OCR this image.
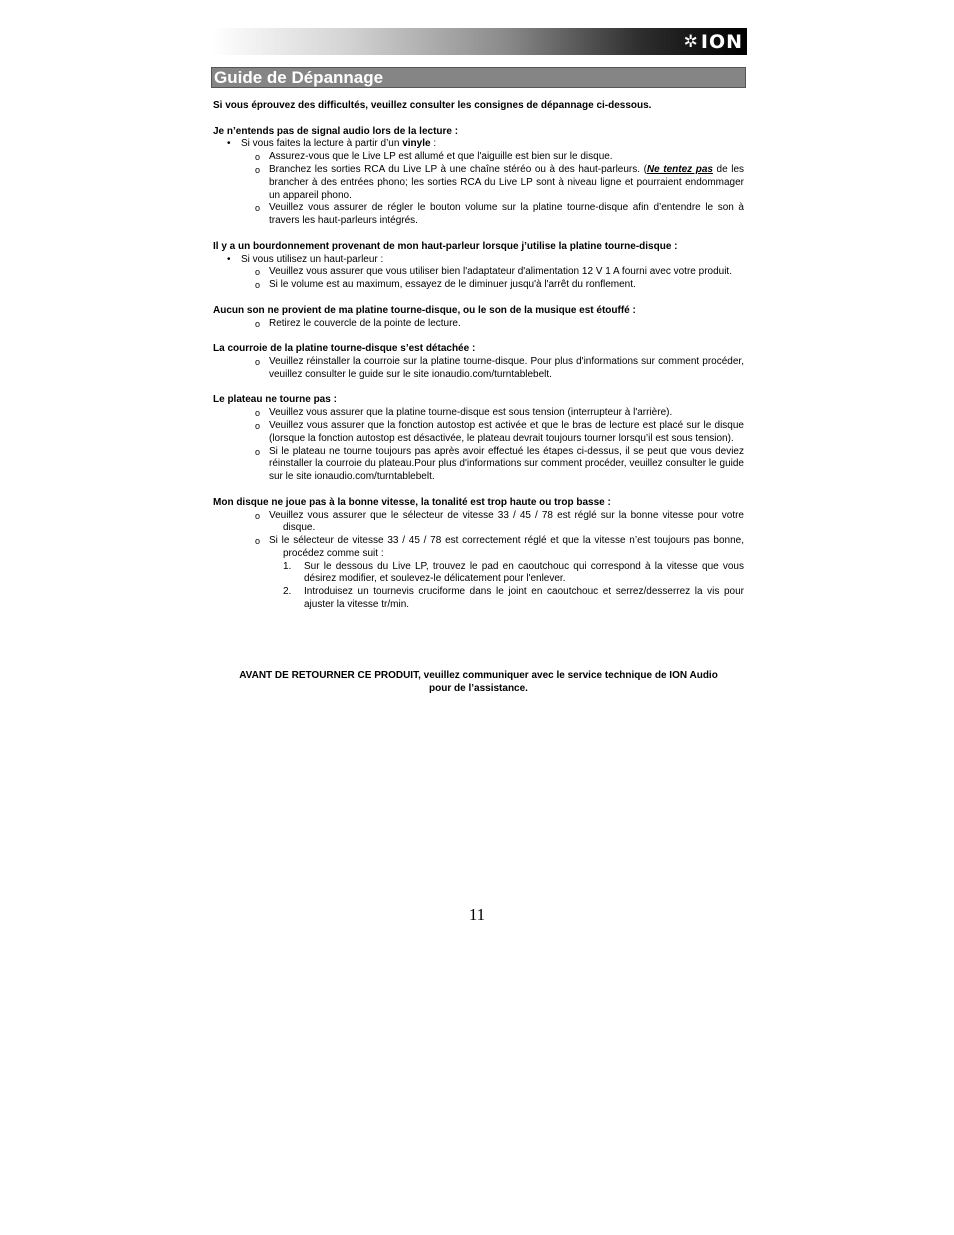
✲ ION
Guide de Dépannage

Si vous éprouvez des difficultés, veuillez consulter les consignes de dépannage ci-dessous.

Je n’entends pas de signal audio lors de la lecture :

• Si vous faites la lecture à partir d’un vinyle :
o Assurez-vous que le Live LP est allumé et que l'aiguille est bien sur le disque.
o Branchez les sorties RCA du Live LP à une chaîne stéréo ou à des haut-parleurs. (Ne tentez pas de les brancher à des entrées phono; les sorties RCA du Live LP sont à niveau ligne et pourraient endommager un appareil phono.
o Veuillez vous assurer de régler le bouton volume sur la platine tourne-disque afin d’entendre le son à travers les haut-parleurs intégrés.

Il y a un bourdonnement provenant de mon haut-parleur lorsque j’utilise la platine tourne-disque :

• Si vous utilisez un haut-parleur :
o Veuillez vous assurer que vous utiliser bien l'adaptateur d'alimentation 12 V 1 A fourni avec votre produit.
o Si le volume est au maximum, essayez de le diminuer jusqu'à l'arrêt du ronflement.

Aucun son ne provient de ma platine tourne-disque, ou le son de la musique est étouffé :

o Retirez le couvercle de la pointe de lecture.

La courroie de la platine tourne-disque s’est détachée :

o Veuillez réinstaller la courroie sur la platine tourne-disque. Pour plus d'informations sur comment procéder, veuillez consulter le guide sur le site ionaudio.com/turntablebelt.

Le plateau ne tourne pas :

o Veuillez vous assurer que la platine tourne-disque est sous tension (interrupteur à l'arrière).
o Veuillez vous assurer que la fonction autostop est activée et que le bras de lecture est placé sur le disque (lorsque la fonction autostop est désactivée, le plateau devrait toujours tourner lorsqu’il est sous tension).
o Si le plateau ne tourne toujours pas après avoir effectué les étapes ci-dessus, il se peut que vous deviez réinstaller la courroie du plateau.Pour plus d'informations sur comment procéder, veuillez consulter le guide sur le site ionaudio.com/turntablebelt.

Mon disque ne joue pas à la bonne vitesse, la tonalité est trop haute ou trop basse :

o Veuillez vous assurer que le sélecteur de vitesse 33 / 45 / 78 est réglé sur la bonne vitesse pour votre disque.
o Si le sélecteur de vitesse 33 / 45 / 78 est correctement réglé et que la vitesse n’est toujours pas bonne, procédez comme suit :
1. Sur le dessous du Live LP, trouvez le pad en caoutchouc qui correspond à la vitesse que vous désirez modifier, et soulevez-le délicatement pour l'enlever.
2. Introduisez un tournevis cruciforme dans le joint en caoutchouc et serrez/desserrez la vis pour ajuster la vitesse tr/min.
AVANT DE RETOURNER CE PRODUIT, veuillez communiquer avec le service technique de ION Audio
pour de l’assistance.
11
